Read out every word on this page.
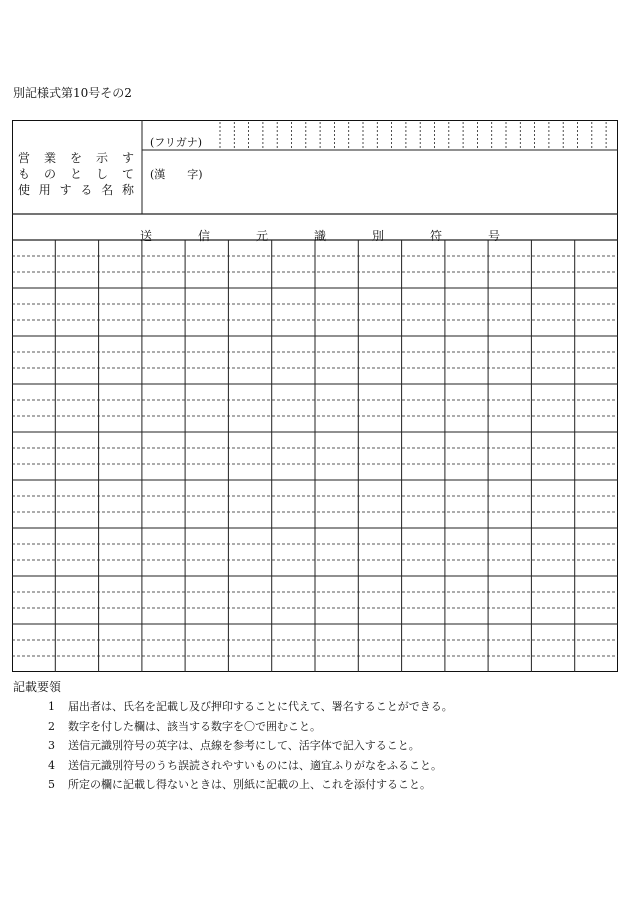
別記様式第10号その2
営業を示す
ものとして
使用する名称
(フリガナ)
(漢　　字)
送信元識別符号
記載要領
1 届出者は、氏名を記載し及び押印することに代えて、署名することができる。
2 数字を付した欄は、該当する数字を〇で囲むこと。
3 送信元識別符号の英字は、点線を参考にして、活字体で記入すること。
4 送信元識別符号のうち誤読されやすいものには、適宜ふりがなをふること。
5 所定の欄に記載し得ないときは、別紙に記載の上、これを添付すること。
